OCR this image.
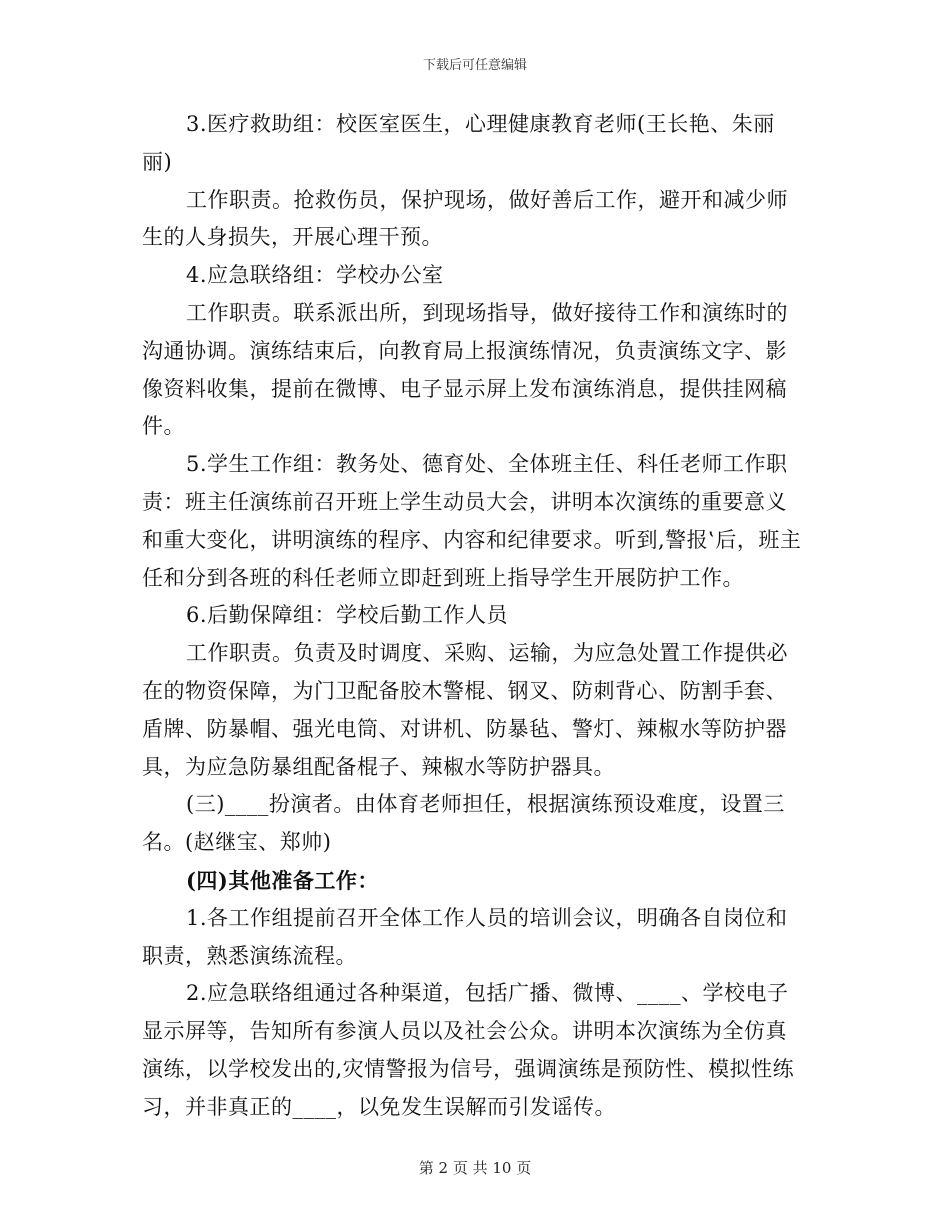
下载后可任意编辑

3.医疗救助组：校医室医生，心理健康教育老师(王长艳、朱丽丽)

工作职责。抢救伤员，保护现场，做好善后工作，避开和减少师生的人身损失，开展心理干预。

4.应急联络组：学校办公室

工作职责。联系派出所，到现场指导，做好接待工作和演练时的沟通协调。演练结束后，向教育局上报演练情况，负责演练文字、影像资料收集，提前在微博、电子显示屏上发布演练消息，提供挂网稿件。

5.学生工作组：教务处、德育处、全体班主任、科任老师工作职责：班主任演练前召开班上学生动员大会，讲明本次演练的重要意义和重大变化，讲明演练的程序、内容和纪律要求。听到,警报‛后，班主任和分到各班的科任老师立即赶到班上指导学生开展防护工作。

6.后勤保障组：学校后勤工作人员

工作职责。负责及时调度、采购、运输，为应急处置工作提供必在的物资保障，为门卫配备胶木警棍、钢叉、防刺背心、防割手套、盾牌、防暴帽、强光电筒、对讲机、防暴毡、警灯、辣椒水等防护器具，为应急防暴组配备棍子、辣椒水等防护器具。

(三)____扮演者。由体育老师担任，根据演练预设难度，设置三名。(赵继宝、郑帅)

(四)其他准备工作：

1.各工作组提前召开全体工作人员的培训会议，明确各自岗位和职责，熟悉演练流程。

2.应急联络组通过各种渠道，包括广播、微博、____、学校电子显示屏等，告知所有参演人员以及社会公众。讲明本次演练为全仿真演练，以学校发出的,灾情警报为信号，强调演练是预防性、模拟性练习，并非真正的____，以免发生误解而引发谣传。

第 2 页 共 10 页
